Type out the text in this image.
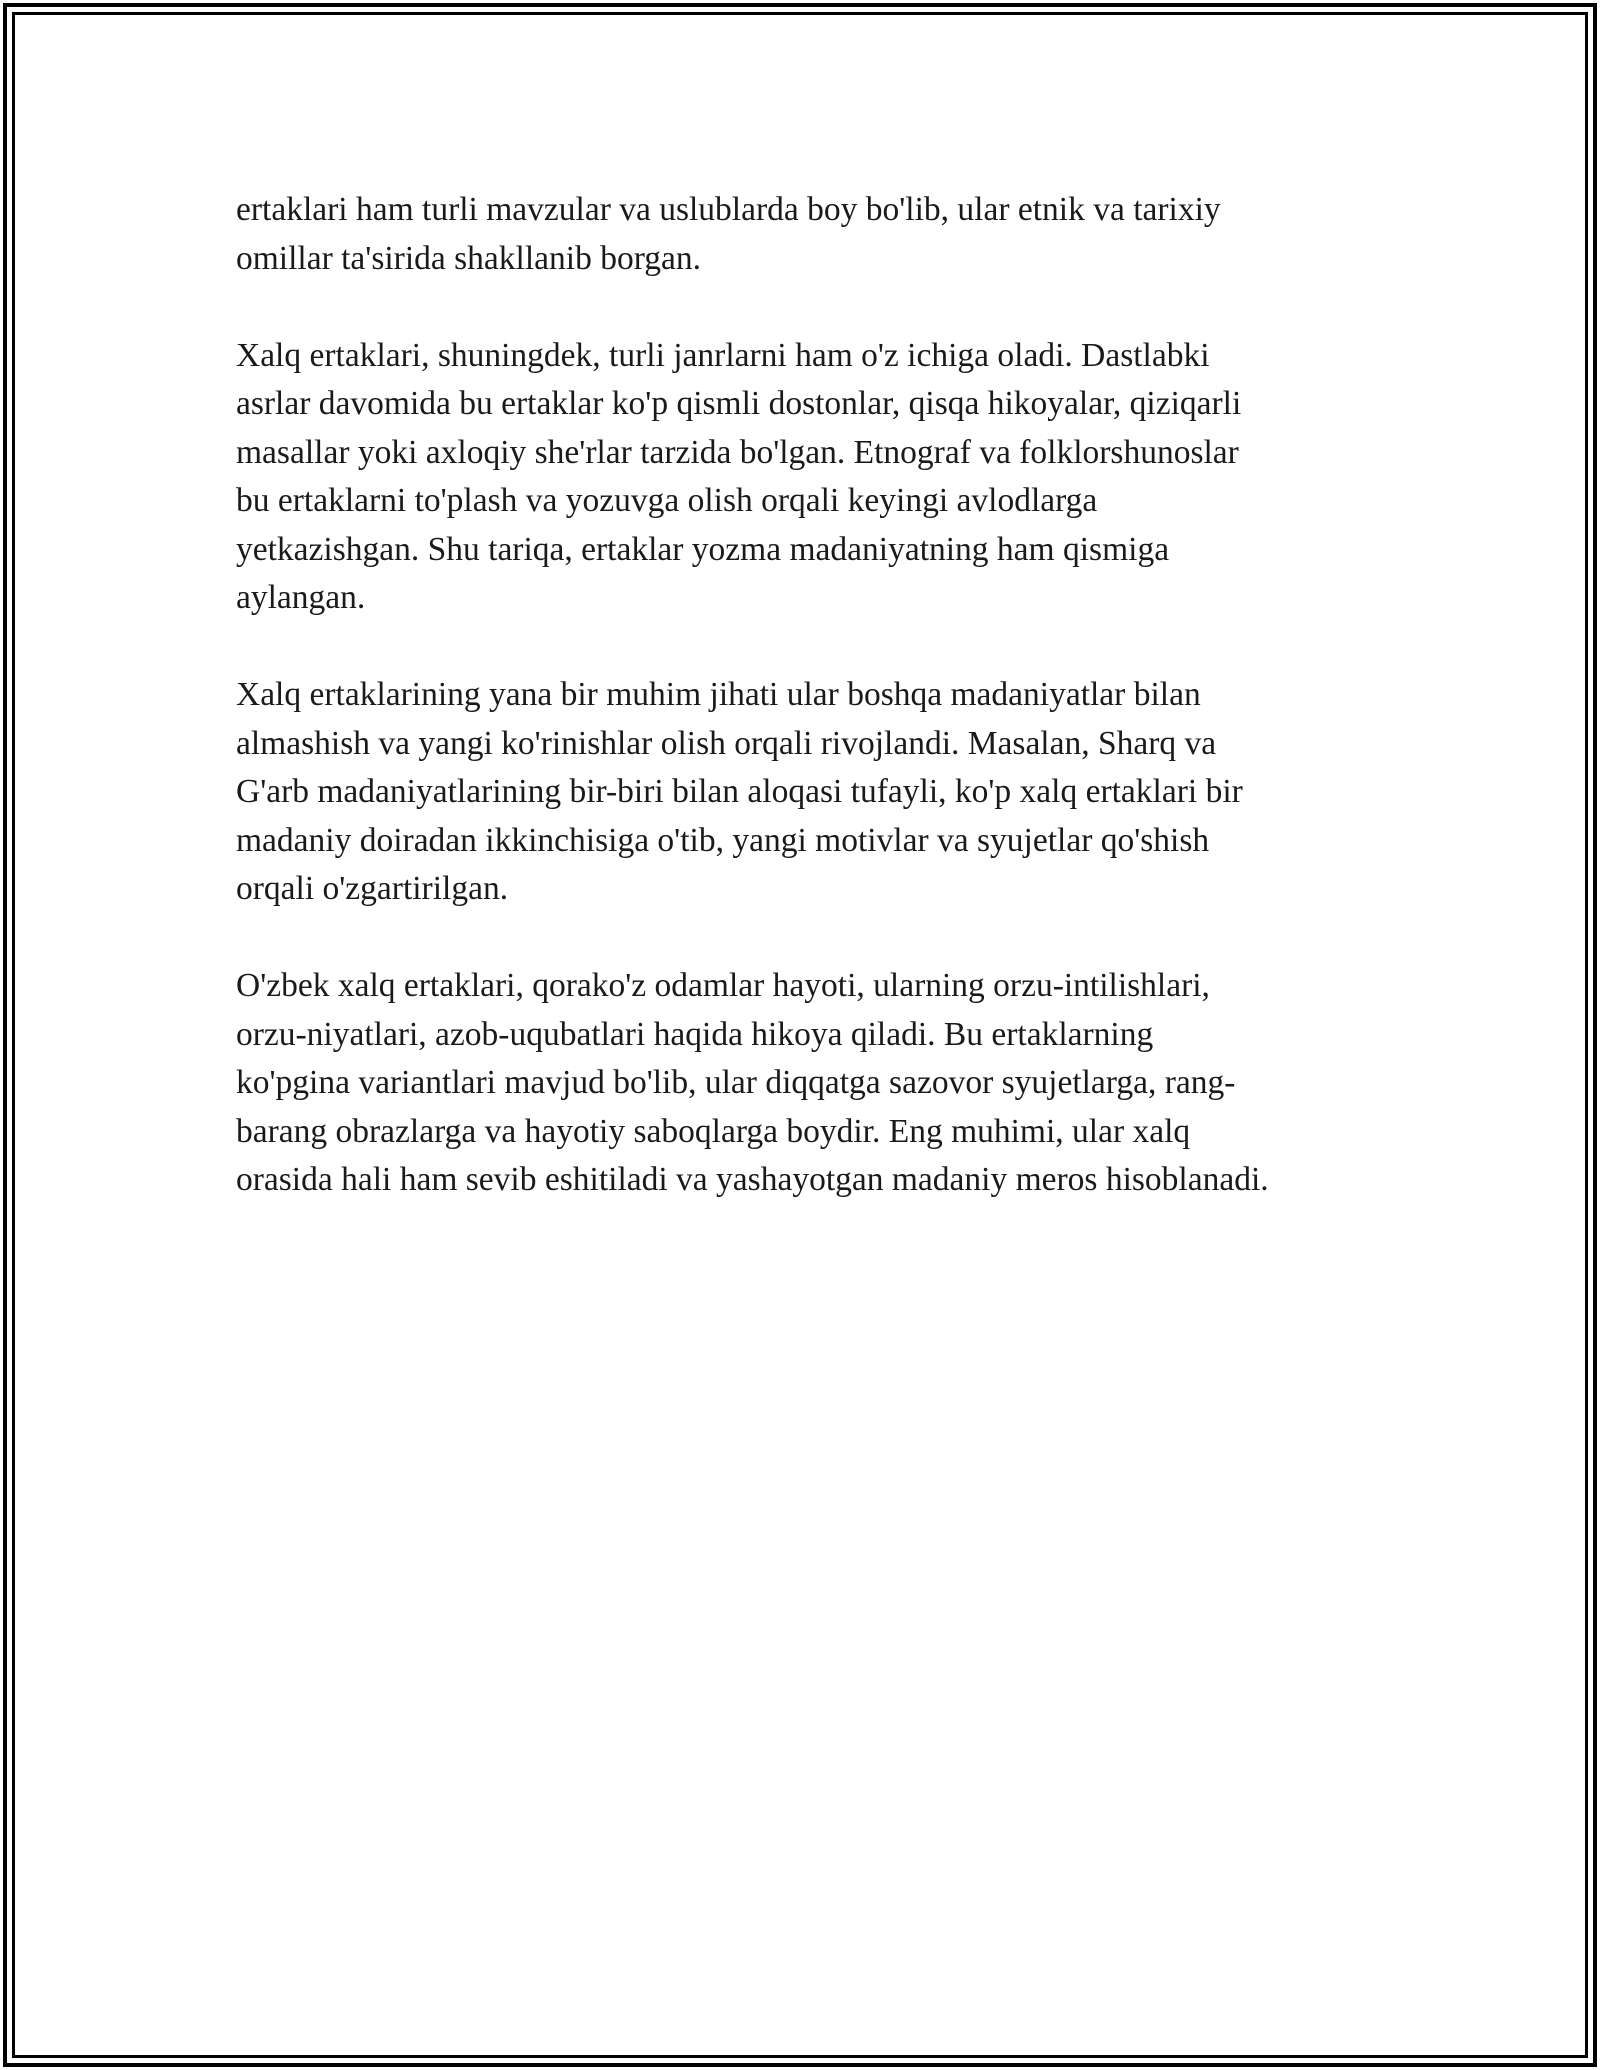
ertaklari ham turli mavzular va uslublarda boy bo'lib, ular etnik va tarixiy
omillar ta'sirida shakllanib borgan.

Xalq ertaklari, shuningdek, turli janrlarni ham o'z ichiga oladi. Dastlabki
asrlar davomida bu ertaklar ko'p qismli dostonlar, qisqa hikoyalar, qiziqarli
masallar yoki axloqiy she'rlar tarzida bo'lgan. Etnograf va folklorshunoslar
bu ertaklarni to'plash va yozuvga olish orqali keyingi avlodlarga
yetkazishgan. Shu tariqa, ertaklar yozma madaniyatning ham qismiga
aylangan.

Xalq ertaklarining yana bir muhim jihati ular boshqa madaniyatlar bilan
almashish va yangi ko'rinishlar olish orqali rivojlandi. Masalan, Sharq va
G'arb madaniyatlarining bir-biri bilan aloqasi tufayli, ko'p xalq ertaklari bir
madaniy doiradan ikkinchisiga o'tib, yangi motivlar va syujetlar qo'shish
orqali o'zgartirilgan.

O'zbek xalq ertaklari, qorako'z odamlar hayoti, ularning orzu-intilishlari,
orzu-niyatlari, azob-uqubatlari haqida hikoya qiladi. Bu ertaklarning
ko'pgina variantlari mavjud bo'lib, ular diqqatga sazovor syujetlarga, rang-
barang obrazlarga va hayotiy saboqlarga boydir. Eng muhimi, ular xalq
orasida hali ham sevib eshitiladi va yashayotgan madaniy meros hisoblanadi.
